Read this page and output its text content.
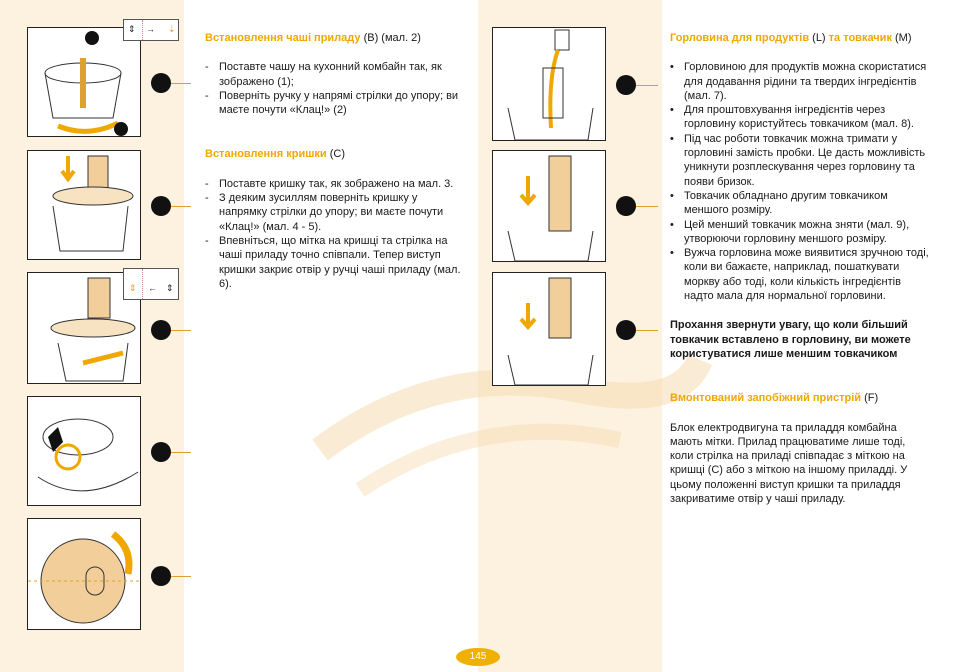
⇕ → ⇣
⇕ ← ⇕
Встановлення чаші приладу (B) (мал. 2)
- Поставте чашу на кухонний комбайн так, як зображено (1);
- Поверніть ручку у напрямі стрілки до упору; ви маєте почути «Клац!» (2)
Встановлення кришки (C)
- Поставте кришку так, як зображено на мал. 3.
- З деяким зусиллям поверніть кришку у напрямку стрілки до упору; ви маєте почути «Клац!» (мал. 4 - 5).
- Впевніться, що мітка на кришці та стрілка на чаші приладу точно співпали. Тепер виступ кришки закриє отвір у ручці чаші приладу (мал. 6).
Горловина для продуктів (L) та товкачик (M)
• Горловиною для продуктів можна скористатися для додавання рідини та твердих інгредієнтів (мал. 7).
• Для проштовхування інгредієнтів через горловину користуйтесь товкачиком (мал. 8).
• Під час роботи товкачик можна тримати у горловині замість пробки. Це дасть можливість уникнути розплескування через горловину та появи бризок.
• Товкачик обладнано другим товкачиком меншого розміру.
• Цей менший товкачик можна зняти (мал. 9), утворюючи горловину меншого розміру.
• Вужча горловина може виявитися зручною тоді, коли ви бажаєте, наприклад, пошаткувати моркву або тоді, коли кількість інгредієнтів надто мала для нормальної горловини.

Прохання звернути увагу, що коли більший товкачик вставлено в горловину, ви можете користуватися лише меншим товкачиком

Вмонтований запобіжний пристрій (F)

Блок електродвигуна та приладдя комбайна мають мітки. Прилад працюватиме лише тоді, коли стрілка на приладі співпадає з міткою на кришці (C) або з міткою на іншому приладді. У цьому положенні виступ кришки та приладдя закриватиме отвір у чаші приладу.

145
